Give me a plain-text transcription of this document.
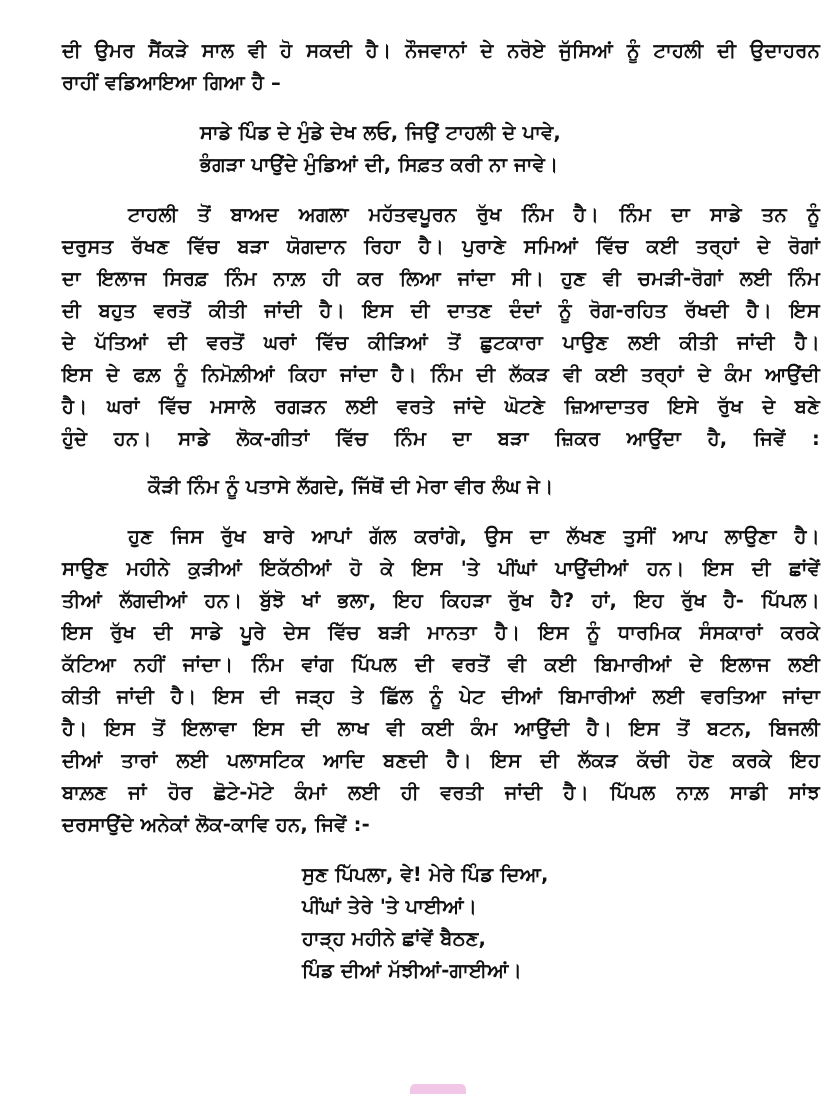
ਦੀ ਉਮਰ ਸੈਂਕੜੇ ਸਾਲ ਵੀ ਹੋ ਸਕਦੀ ਹੈ। ਨੌਜਵਾਨਾਂ ਦੇ ਨਰੋਏ ਜੁੱਸਿਆਂ ਨੂੰ ਟਾਹਲੀ ਦੀ ਉਦਾਹਰਨ
ਰਾਹੀਂ ਵਡਿਆਇਆ ਗਿਆ ਹੈ –
ਸਾਡੇ ਪਿੰਡ ਦੇ ਮੁੰਡੇ ਦੇਖ ਲਓ, ਜਿਉਂ ਟਾਹਲੀ ਦੇ ਪਾਵੇ,
ਭੰਗੜਾ ਪਾਉਂਦੇ ਮੁੰਡਿਆਂ ਦੀ, ਸਿਫ਼ਤ ਕਰੀ ਨਾ ਜਾਵੇ।
ਟਾਹਲੀ ਤੋਂ ਬਾਅਦ ਅਗਲਾ ਮਹੱਤਵਪੂਰਨ ਰੁੱਖ ਨਿੰਮ ਹੈ। ਨਿੰਮ ਦਾ ਸਾਡੇ ਤਨ ਨੂੰ
ਦਰੁਸਤ ਰੱਖਣ ਵਿੱਚ ਬੜਾ ਯੋਗਦਾਨ ਰਿਹਾ ਹੈ। ਪੁਰਾਣੇ ਸਮਿਆਂ ਵਿੱਚ ਕਈ ਤਰ੍ਹਾਂ ਦੇ ਰੋਗਾਂ
ਦਾ ਇਲਾਜ ਸਿਰਫ਼ ਨਿੰਮ ਨਾਲ਼ ਹੀ ਕਰ ਲਿਆ ਜਾਂਦਾ ਸੀ। ਹੁਣ ਵੀ ਚਮੜੀ-ਰੋਗਾਂ ਲਈ ਨਿੰਮ
ਦੀ ਬਹੁਤ ਵਰਤੋਂ ਕੀਤੀ ਜਾਂਦੀ ਹੈ। ਇਸ ਦੀ ਦਾਤਣ ਦੰਦਾਂ ਨੂੰ ਰੋਗ-ਰਹਿਤ ਰੱਖਦੀ ਹੈ। ਇਸ
ਦੇ ਪੱਤਿਆਂ ਦੀ ਵਰਤੋਂ ਘਰਾਂ ਵਿੱਚ ਕੀੜਿਆਂ ਤੋਂ ਛੁਟਕਾਰਾ ਪਾਉਣ ਲਈ ਕੀਤੀ ਜਾਂਦੀ ਹੈ।
ਇਸ ਦੇ ਫਲ਼ ਨੂੰ ਨਿਮੋਲ਼ੀਆਂ ਕਿਹਾ ਜਾਂਦਾ ਹੈ। ਨਿੰਮ ਦੀ ਲੱਕੜ ਵੀ ਕਈ ਤਰ੍ਹਾਂ ਦੇ ਕੰਮ ਆਉਂਦੀ
ਹੈ। ਘਰਾਂ ਵਿੱਚ ਮਸਾਲੇ ਰਗੜਨ ਲਈ ਵਰਤੇ ਜਾਂਦੇ ਘੋਟਣੇ ਜ਼ਿਆਦਾਤਰ ਇਸੇ ਰੁੱਖ ਦੇ ਬਣੇ
ਹੁੰਦੇ ਹਨ। ਸਾਡੇ ਲੋਕ-ਗੀਤਾਂ ਵਿੱਚ ਨਿੰਮ ਦਾ ਬੜਾ ਜ਼ਿਕਰ ਆਉਂਦਾ ਹੈ, ਜਿਵੇਂ :
ਕੌੜੀ ਨਿੰਮ ਨੂੰ ਪਤਾਸੇ ਲੱਗਦੇ, ਜਿੱਥੋਂ ਦੀ ਮੇਰਾ ਵੀਰ ਲੰਘ ਜੇ।
ਹੁਣ ਜਿਸ ਰੁੱਖ ਬਾਰੇ ਆਪਾਂ ਗੱਲ ਕਰਾਂਗੇ, ਉਸ ਦਾ ਲੱਖਣ ਤੁਸੀਂ ਆਪ ਲਾਉਣਾ ਹੈ।
ਸਾਉਣ ਮਹੀਨੇ ਕੁੜੀਆਂ ਇਕੱਠੀਆਂ ਹੋ ਕੇ ਇਸ 'ਤੇ ਪੀਂਘਾਂ ਪਾਉਂਦੀਆਂ ਹਨ। ਇਸ ਦੀ ਛਾਂਵੇਂ
ਤੀਆਂ ਲੱਗਦੀਆਂ ਹਨ। ਬੁੱਝੋ ਖਾਂ ਭਲਾ, ਇਹ ਕਿਹੜਾ ਰੁੱਖ ਹੈ? ਹਾਂ, ਇਹ ਰੁੱਖ ਹੈ- ਪਿੱਪਲ।
ਇਸ ਰੁੱਖ ਦੀ ਸਾਡੇ ਪੂਰੇ ਦੇਸ ਵਿੱਚ ਬੜੀ ਮਾਨਤਾ ਹੈ। ਇਸ ਨੂੰ ਧਾਰਮਿਕ ਸੰਸਕਾਰਾਂ ਕਰਕੇ
ਕੱਟਿਆ ਨਹੀਂ ਜਾਂਦਾ। ਨਿੰਮ ਵਾਂਗ ਪਿੱਪਲ ਦੀ ਵਰਤੋਂ ਵੀ ਕਈ ਬਿਮਾਰੀਆਂ ਦੇ ਇਲਾਜ ਲਈ
ਕੀਤੀ ਜਾਂਦੀ ਹੈ। ਇਸ ਦੀ ਜੜ੍ਹ ਤੇ ਛਿੱਲ ਨੂੰ ਪੇਟ ਦੀਆਂ ਬਿਮਾਰੀਆਂ ਲਈ ਵਰਤਿਆ ਜਾਂਦਾ
ਹੈ। ਇਸ ਤੋਂ ਇਲਾਵਾ ਇਸ ਦੀ ਲਾਖ ਵੀ ਕਈ ਕੰਮ ਆਉਂਦੀ ਹੈ। ਇਸ ਤੋਂ ਬਟਨ, ਬਿਜਲੀ
ਦੀਆਂ ਤਾਰਾਂ ਲਈ ਪਲਾਸਟਿਕ ਆਦਿ ਬਣਦੀ ਹੈ। ਇਸ ਦੀ ਲੱਕੜ ਕੱਚੀ ਹੋਣ ਕਰਕੇ ਇਹ
ਬਾਲ਼ਣ ਜਾਂ ਹੋਰ ਛੋਟੇ-ਮੋਟੇ ਕੰਮਾਂ ਲਈ ਹੀ ਵਰਤੀ ਜਾਂਦੀ ਹੈ। ਪਿੱਪਲ ਨਾਲ਼ ਸਾਡੀ ਸਾਂਝ
ਦਰਸਾਉਂਦੇ ਅਨੇਕਾਂ ਲੋਕ-ਕਾਵਿ ਹਨ, ਜਿਵੇਂ :-
ਸੁਣ ਪਿੱਪਲਾ, ਵੇ! ਮੇਰੇ ਪਿੰਡ ਦਿਆ,
ਪੀਂਘਾਂ ਤੇਰੇ 'ਤੇ ਪਾਈਆਂ।
ਹਾੜ੍ਹ ਮਹੀਨੇ ਛਾਂਵੇਂ ਬੈਠਣ,
ਪਿੰਡ ਦੀਆਂ ਮੱਝੀਆਂ-ਗਾਈਆਂ।
